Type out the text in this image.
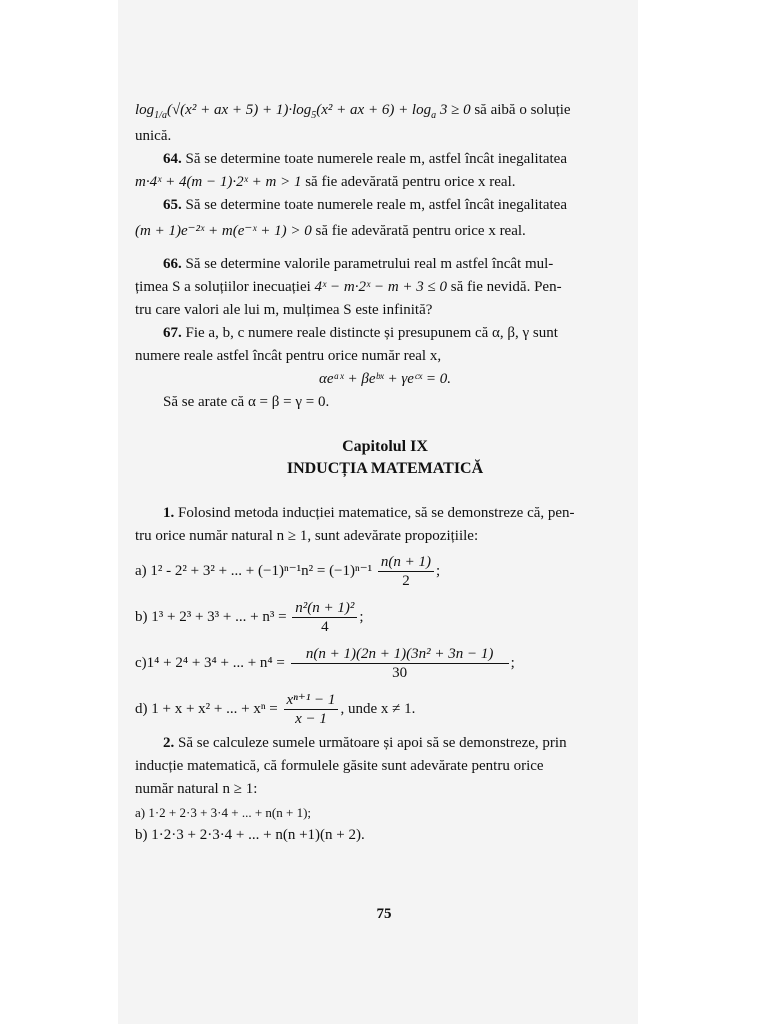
$\log_{1/a}(√(x^2$ + ax + $5) + 1)\cdot\log_5(x^2$ + ax + $6) + \log_a 3 \ge 0$ să aibă o soluție
unică.
64. Să se determine toate numerele reale m, astfel încât inegalitatea
m·4ˣ + 4(m − 1)·2ˣ + m > 1 să fie adevărată pentru orice x real.
65. Să se determine toate numerele reale m, astfel încât inegalitatea
(m + 1)e⁻²ˣ + m(e⁻ˣ + 1) > 0 să fie adevărată pentru orice x real.
66. Să se determine valorile parametrului real m astfel încât mul-
țimea S a soluțiilor inecuației 4ˣ − m·2ˣ − m + 3 ≤ 0 să fie nevidă. Pen-
tru care valori ale lui m, mulțimea S este infinită?
67. Fie a, b, c numere reale distincte și presupunem că α, β, γ sunt
numere reale astfel încât pentru orice număr real x,
αeᵃˣ + βeᵇˣ + γeᶜˣ = 0.
Să se arate că α = β = γ = 0.
Capitolul IX
INDUCȚIA MATEMATICĂ
1. Folosind metoda inducției matematice, să se demonstreze că, pen-
tru orice număr natural n ≥ 1, sunt adevărate propozițiile:
a) 1² - 2² + 3² + ... + $(-1)^{n-1}n^2 = (-1)^{n-1} \frac{n(n + 1)}{2}$ ;
b) 1³ + 2³ + 3³ + ... + $n^3 = \frac{\text{n²(n + 1)²}}{4}$ ;
c)1⁴ + 2⁴ + 3⁴ + ... + $n^4 = \frac{\text{n(n + 1)(2n + 1)(3n² + 3n − 1)}}{30}$ ;
d) 1 + x + x² + ... + $x^n = \frac{\text{xⁿ⁺¹ − 1}}{x - 1}$ , unde x ≠ 1.
2. Să se calculeze sumele următoare și apoi să se demonstreze, prin
inducție matematică, că formulele găsite sunt adevărate pentru orice
număr natural n ≥ 1:
a) 1·2 + 2·3 + 3·4 + ... + n(n + 1);
b) 1·2·3 + 2·3·4 + ... + n(n +1)(n + 2).
75
